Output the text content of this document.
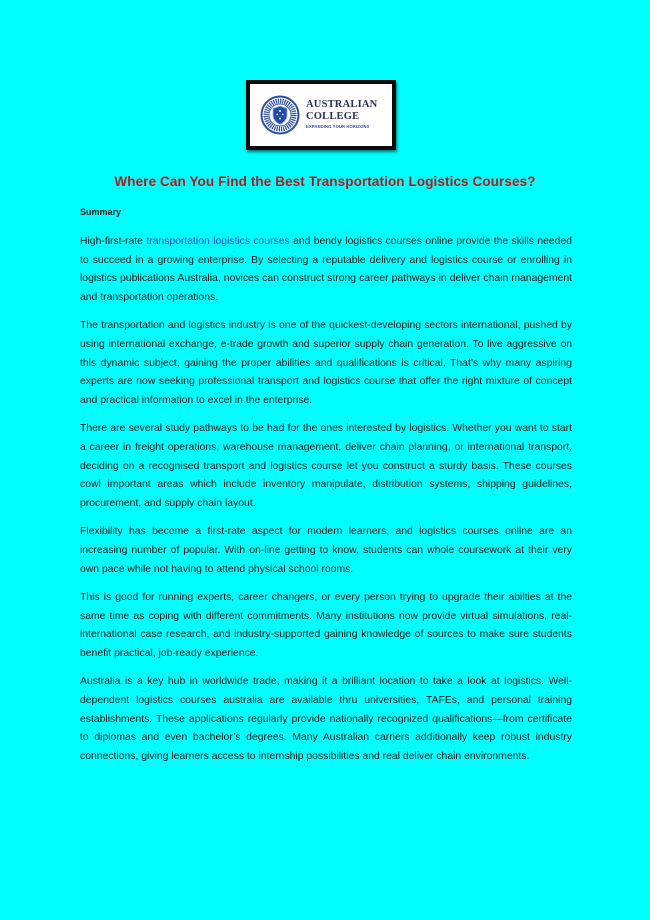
AUSTRALIAN
COLLEGE
EXPANDING YOUR HORIZONS
Where Can You Find the Best Transportation Logistics Courses?
Summary

High-first-rate transportation logistics courses and bendy logistics courses online provide the skills needed to succeed in a growing enterprise. By selecting a reputable delivery and logistics course or enrolling in logistics publications Australia, novices can construct strong career pathways in deliver chain management and transportation operations.

The transportation and logistics industry is one of the quickest-developing sectors international, pushed by using international exchange, e-trade growth and superior supply chain generation. To live aggressive on this dynamic subject, gaining the proper abilities and qualifications is critical. That’s why many aspiring experts are now seeking professional transport and logistics course that offer the right mixture of concept and practical information to excel in the enterprise.

There are several study pathways to be had for the ones interested by logistics. Whether you want to start a career in freight operations, warehouse management, deliver chain planning, or international transport, deciding on a recognised transport and logistics course let you construct a sturdy basis. These courses cowl important areas which include inventory manipulate, distribution systems, shipping guidelines, procurement, and supply chain layout.

Flexibility has become a first-rate aspect for modern learners, and logistics courses online are an increasing number of popular. With on-line getting to know, students can whole coursework at their very own pace while not having to attend physical school rooms.

This is good for running experts, career changers, or every person trying to upgrade their abilties at the same time as coping with different commitments. Many institutions now provide virtual simulations, real-international case research, and industry-supported gaining knowledge of sources to make sure students benefit practical, job-ready experience.

Australia is a key hub in worldwide trade, making it a brilliant location to take a look at logistics. Well-dependent logistics courses australia are available thru universities, TAFEs, and personal training establishments. These applications regularly provide nationally recognized qualifications—from certificate to diplomas and even bachelor’s degrees. Many Australian carriers additionally keep robust industry connections, giving learners access to internship possibilities and real deliver chain environments.
